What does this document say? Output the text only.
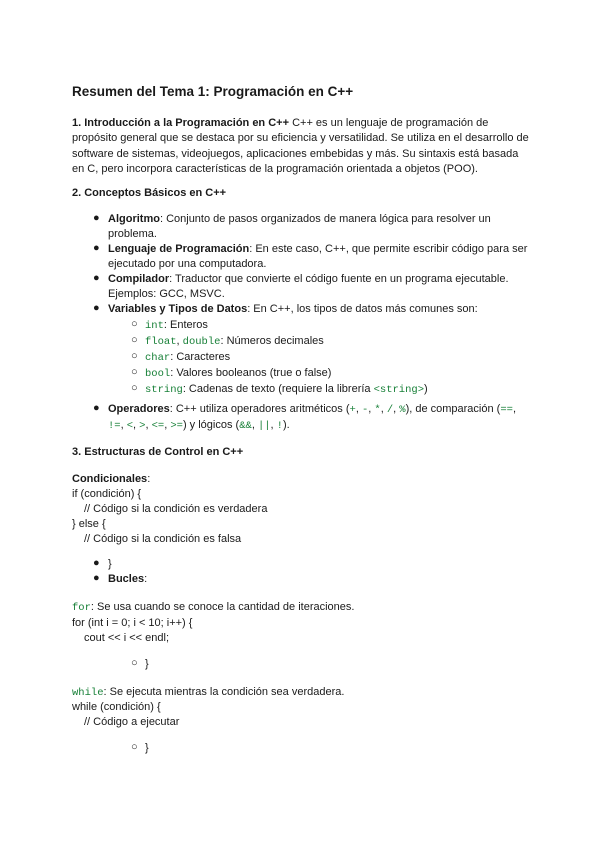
Resumen del Tema 1: Programación en C++
1. Introducción a la Programación en C++ C++ es un lenguaje de programación de propósito general que se destaca por su eficiencia y versatilidad. Se utiliza en el desarrollo de software de sistemas, videojuegos, aplicaciones embebidas y más. Su sintaxis está basada en C, pero incorpora características de la programación orientada a objetos (POO).
2. Conceptos Básicos en C++
● Algoritmo: Conjunto de pasos organizados de manera lógica para resolver un problema.
● Lenguaje de Programación: En este caso, C++, que permite escribir código para ser ejecutado por una computadora.
● Compilador: Traductor que convierte el código fuente en un programa ejecutable. Ejemplos: GCC, MSVC.
● Variables y Tipos de Datos: En C++, los tipos de datos más comunes son:
○ int: Enteros
○ float, double: Números decimales
○ char: Caracteres
○ bool: Valores booleanos (true o false)
○ string: Cadenas de texto (requiere la librería <string>)
● Operadores: C++ utiliza operadores aritméticos (+, -, *, /, %), de comparación (==,
!=, <, >, <=, >=) y lógicos (&&, ||, !).
3. Estructuras de Control en C++
Condicionales:
if (condición) {
// Código si la condición es verdadera
} else {
// Código si la condición es falsa
● }
● Bucles:
for: Se usa cuando se conoce la cantidad de iteraciones.
for (int i = 0; i < 10; i++) {
cout << i << endl;
○ }
while: Se ejecuta mientras la condición sea verdadera.
while (condición) {
// Código a ejecutar
○ }
